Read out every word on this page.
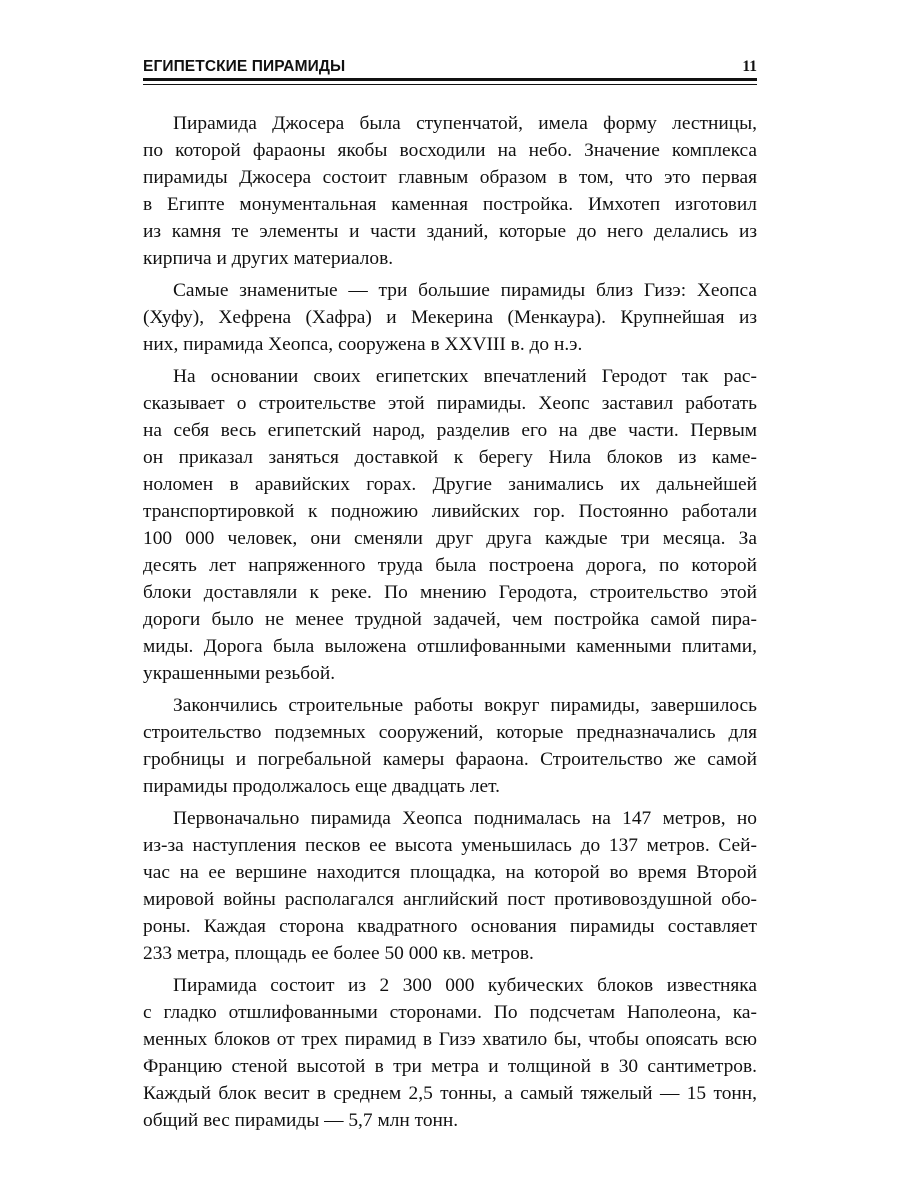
ЕГИПЕТСКИЕ ПИРАМИДЫ	11
Пирамида Джосера была ступенчатой, имела форму лестницы,
по которой фараоны якобы восходили на небо. Значение комплекса
пирамиды Джосера состоит главным образом в том, что это первая
в Египте монументальная каменная постройка. Имхотеп изготовил
из камня те элементы и части зданий, которые до него делались из
кирпича и других материалов.
Самые знаменитые — три большие пирамиды близ Гизэ: Хеопса
(Хуфу), Хефрена (Хафра) и Мекерина (Менкаура). Крупнейшая из
них, пирамида Хеопса, сооружена в XXVIII в. до н.э.
На основании своих египетских впечатлений Геродот так рас-
сказывает о строительстве этой пирамиды. Хеопс заставил работать
на себя весь египетский народ, разделив его на две части. Первым
он приказал заняться доставкой к берегу Нила блоков из каме-
ноломен в аравийских горах. Другие занимались их дальнейшей
транспортировкой к подножию ливийских гор. Постоянно работали
100 000 человек, они сменяли друг друга каждые три месяца. За
десять лет напряженного труда была построена дорога, по которой
блоки доставляли к реке. По мнению Геродота, строительство этой
дороги было не менее трудной задачей, чем постройка самой пира-
миды. Дорога была выложена отшлифованными каменными плитами,
украшенными резьбой.
Закончились строительные работы вокруг пирамиды, завершилось
строительство подземных сооружений, которые предназначались для
гробницы и погребальной камеры фараона. Строительство же самой
пирамиды продолжалось еще двадцать лет.
Первоначально пирамида Хеопса поднималась на 147 метров, но
из-за наступления песков ее высота уменьшилась до 137 метров. Сей-
час на ее вершине находится площадка, на которой во время Второй
мировой войны располагался английский пост противовоздушной обо-
роны. Каждая сторона квадратного основания пирамиды составляет
233 метра, площадь ее более 50 000 кв. метров.
Пирамида состоит из 2 300 000 кубических блоков известняка
с гладко отшлифованными сторонами. По подсчетам Наполеона, ка-
менных блоков от трех пирамид в Гизэ хватило бы, чтобы опоясать всю
Францию стеной высотой в три метра и толщиной в 30 сантиметров.
Каждый блок весит в среднем 2,5 тонны, а самый тяжелый — 15 тонн,
общий вес пирамиды — 5,7 млн тонн.
